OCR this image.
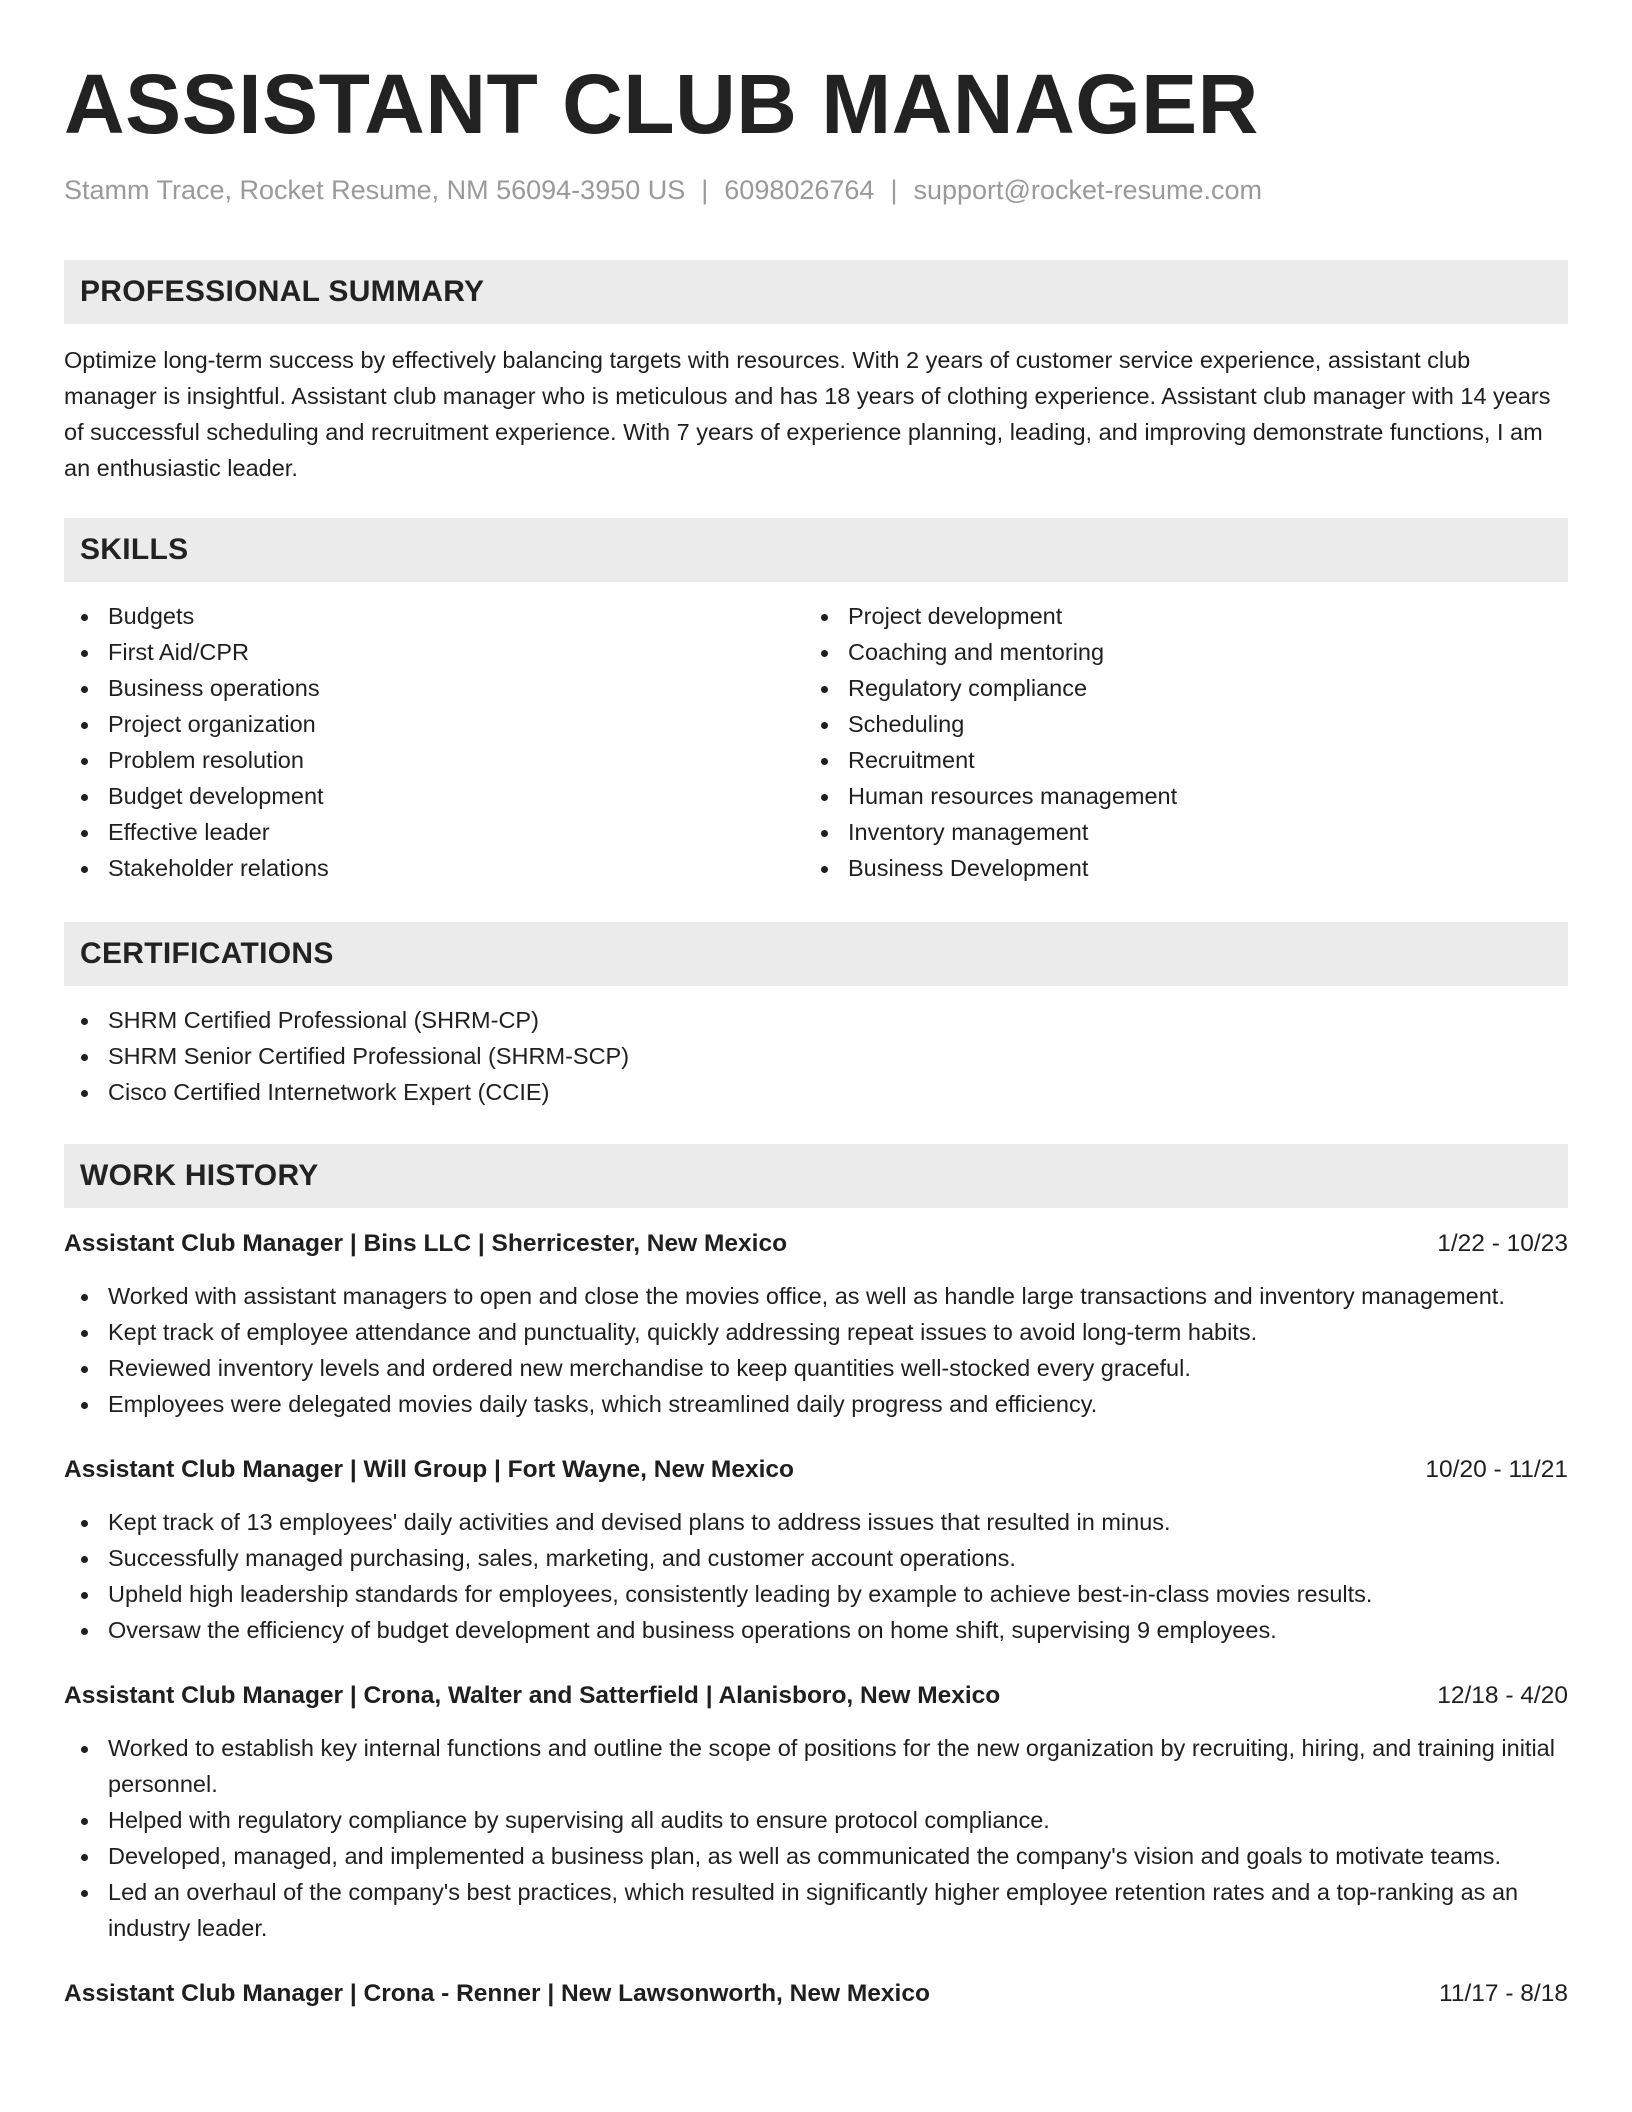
ASSISTANT CLUB MANAGER
Stamm Trace, Rocket Resume, NM 56094-3950 US | 6098026764 | support@rocket-resume.com
PROFESSIONAL SUMMARY

Optimize long-term success by effectively balancing targets with resources. With 2 years of customer service experience, assistant club manager is insightful. Assistant club manager who is meticulous and has 18 years of clothing experience. Assistant club manager with 14 years of successful scheduling and recruitment experience. With 7 years of experience planning, leading, and improving demonstrate functions, I am an enthusiastic leader.

SKILLS
Budgets
First Aid/CPR
Business operations
Project organization
Problem resolution
Budget development
Effective leader
Stakeholder relations
Project development
Coaching and mentoring
Regulatory compliance
Scheduling
Recruitment
Human resources management
Inventory management
Business Development
CERTIFICATIONS
SHRM Certified Professional (SHRM-CP)
SHRM Senior Certified Professional (SHRM-SCP)
Cisco Certified Internetwork Expert (CCIE)
WORK HISTORY
Assistant Club Manager | Bins LLC | Sherricester, New Mexico	1/22 - 10/23
Worked with assistant managers to open and close the movies office, as well as handle large transactions and inventory management.
Kept track of employee attendance and punctuality, quickly addressing repeat issues to avoid long-term habits.
Reviewed inventory levels and ordered new merchandise to keep quantities well-stocked every graceful.
Employees were delegated movies daily tasks, which streamlined daily progress and efficiency.
Assistant Club Manager | Will Group | Fort Wayne, New Mexico	10/20 - 11/21
Kept track of 13 employees' daily activities and devised plans to address issues that resulted in minus.
Successfully managed purchasing, sales, marketing, and customer account operations.
Upheld high leadership standards for employees, consistently leading by example to achieve best-in-class movies results.
Oversaw the efficiency of budget development and business operations on home shift, supervising 9 employees.
Assistant Club Manager | Crona, Walter and Satterfield | Alanisboro, New Mexico	12/18 - 4/20
Worked to establish key internal functions and outline the scope of positions for the new organization by recruiting, hiring, and training initial personnel.
Helped with regulatory compliance by supervising all audits to ensure protocol compliance.
Developed, managed, and implemented a business plan, as well as communicated the company's vision and goals to motivate teams.
Led an overhaul of the company's best practices, which resulted in significantly higher employee retention rates and a top-ranking as an industry leader.
Assistant Club Manager | Crona - Renner | New Lawsonworth, New Mexico	11/17 - 8/18
